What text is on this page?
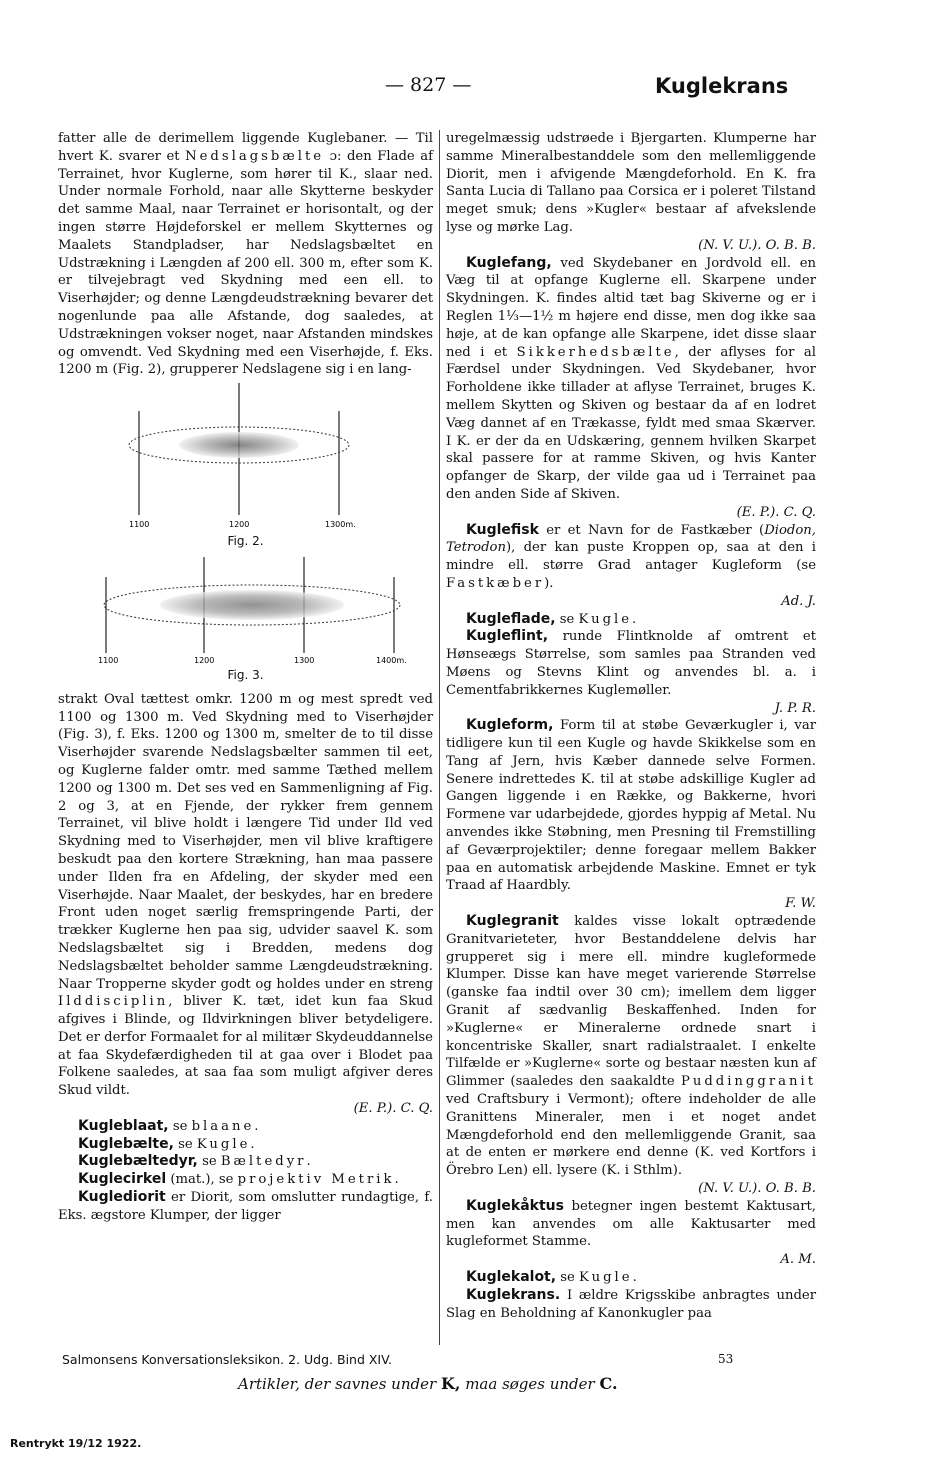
— 827 —	Kuglekrans

fatter alle de derimellem liggende Kuglebaner. — Til hvert K. svarer et Nedslagsbælte ɔ: den Flade af Terrainet, hvor Kuglerne, som hører til K., slaar ned. Under normale Forhold, naar alle Skytterne beskyder det samme Maal, naar Terrainet er horisontalt, og der ingen større Højdeforskel er mellem Skytternes og Maalets Standpladser, har Nedslagsbæltet en Udstrækning i Længden af 200 ell. 300 m, efter som K. er tilvejebragt ved Skydning med een ell. to Viserhøjder; og denne Længdeudstrækning bevarer det nogenlunde paa alle Afstande, dog saaledes, at Udstrækningen vokser noget, naar Afstanden mindskes og omvendt. Ved Skydning med een Viserhøjde, f. Eks. 1200 m (Fig. 2), grupperer Nedslagene sig i en lang-

1100	1200	1300m.
Fig. 2.
1100	1200	1300	1400m.
Fig. 3.

strakt Oval tættest omkr. 1200 m og mest spredt ved 1100 og 1300 m. Ved Skydning med to Viserhøjder (Fig. 3), f. Eks. 1200 og 1300 m, smelter de to til disse Viserhøjder svarende Nedslagsbælter sammen til eet, og Kuglerne falder omtr. med samme Tæthed mellem 1200 og 1300 m. Det ses ved en Sammenligning af Fig. 2 og 3, at en Fjende, der rykker frem gennem Terrainet, vil blive holdt i længere Tid under Ild ved Skydning med to Viserhøjder, men vil blive kraftigere beskudt paa den kortere Strækning, han maa passere under Ilden fra en Afdeling, der skyder med een Viserhøjde. Naar Maalet, der beskydes, har en bredere Front uden noget særlig fremspringende Parti, der trækker Kuglerne hen paa sig, udvider saavel K. som Nedslagsbæltet sig i Bredden, medens dog Nedslagsbæltet beholder samme Længdeudstrækning. Naar Tropperne skyder godt og holdes under en streng Ilddisciplin, bliver K. tæt, idet kun faa Skud afgives i Blinde, og Ildvirkningen bliver betydeligere. Det er derfor Formaalet for al militær Skydeuddannelse at faa Skydefærdigheden til at gaa over i Blodet paa Folkene saaledes, at saa faa som muligt afgiver deres Skud vildt.

(E. P.). C. Q.

Kugleblaat, se blaane.

Kuglebælte, se Kugle.

Kuglebæltedyr, se Bæltedyr.

Kuglecirkel (mat.), se projektiv Metrik.

Kuglediorit er Diorit, som omslutter rundagtige, f. Eks. ægstore Klumper, der ligger

uregelmæssig udstrøede i Bjergarten. Klumperne har samme Mineralbestanddele som den mellemliggende Diorit, men i afvigende Mængdeforhold. En K. fra Santa Lucia di Tallano paa Corsica er i poleret Tilstand meget smuk; dens »Kugler« bestaar af afvekslende lyse og mørke Lag.

(N. V. U.). O. B. B.

Kuglefang, ved Skydebaner en Jordvold ell. en Væg til at opfange Kuglerne ell. Skarpene under Skydningen. K. findes altid tæt bag Skiverne og er i Reglen 1⅓—1½ m højere end disse, men dog ikke saa høje, at de kan opfange alle Skarpene, idet disse slaar ned i et Sikkerhedsbælte, der aflyses for al Færdsel under Skydningen. Ved Skydebaner, hvor Forholdene ikke tillader at aflyse Terrainet, bruges K. mellem Skytten og Skiven og bestaar da af en lodret Væg dannet af en Trækasse, fyldt med smaa Skærver. I K. er der da en Udskæring, gennem hvilken Skarpet skal passere for at ramme Skiven, og hvis Kanter opfanger de Skarp, der vilde gaa ud i Terrainet paa den anden Side af Skiven.

(E. P.). C. Q.

Kuglefisk er et Navn for de Fastkæber (Diodon, Tetrodon), der kan puste Kroppen op, saa at den i mindre ell. større Grad antager Kugleform (se Fastkæber).

Ad. J.

Kugleflade, se Kugle.

Kugleflint, runde Flintknolde af omtrent et Hønseægs Størrelse, som samles paa Stranden ved Møens og Stevns Klint og anvendes bl. a. i Cementfabrikkernes Kuglemøller.

J. P. R.

Kugleform, Form til at støbe Geværkugler i, var tidligere kun til een Kugle og havde Skikkelse som en Tang af Jern, hvis Kæber dannede selve Formen. Senere indrettedes K. til at støbe adskillige Kugler ad Gangen liggende i en Række, og Bakkerne, hvori Formene var udarbejdede, gjordes hyppig af Metal. Nu anvendes ikke Støbning, men Presning til Fremstilling af Geværprojektiler; denne foregaar mellem Bakker paa en automatisk arbejdende Maskine. Emnet er tyk Traad af Haardbly.

F. W.

Kuglegranit kaldes visse lokalt optrædende Granitvarieteter, hvor Bestanddelene delvis har grupperet sig i mere ell. mindre kugleformede Klumper. Disse kan have meget varierende Størrelse (ganske faa indtil over 30 cm); imellem dem ligger Granit af sædvanlig Beskaffenhed. Inden for »Kuglerne« er Mineralerne ordnede snart i koncentriske Skaller, snart radialstraalet. I enkelte Tilfælde er »Kuglerne« sorte og bestaar næsten kun af Glimmer (saaledes den saakaldte Puddinggranit ved Craftsbury i Vermont); oftere indeholder de alle Granittens Mineraler, men i et noget andet Mængdeforhold end den mellemliggende Granit, saa at de enten er mørkere end denne (K. ved Kortfors i Örebro Len) ell. lysere (K. i Sthlm).

(N. V. U.). O. B. B.

Kuglekåktus betegner ingen bestemt Kaktusart, men kan anvendes om alle Kaktusarter med kugleformet Stamme.

A. M.

Kuglekalot, se Kugle.

Kuglekrans. I ældre Krigsskibe anbragtes under Slag en Beholdning af Kanonkugler paa

Salmonsens Konversationsleksikon. 2. Udg. Bind XIV.	53
Artikler, der savnes under K, maa søges under C.
Rentrykt 19/12 1922.
